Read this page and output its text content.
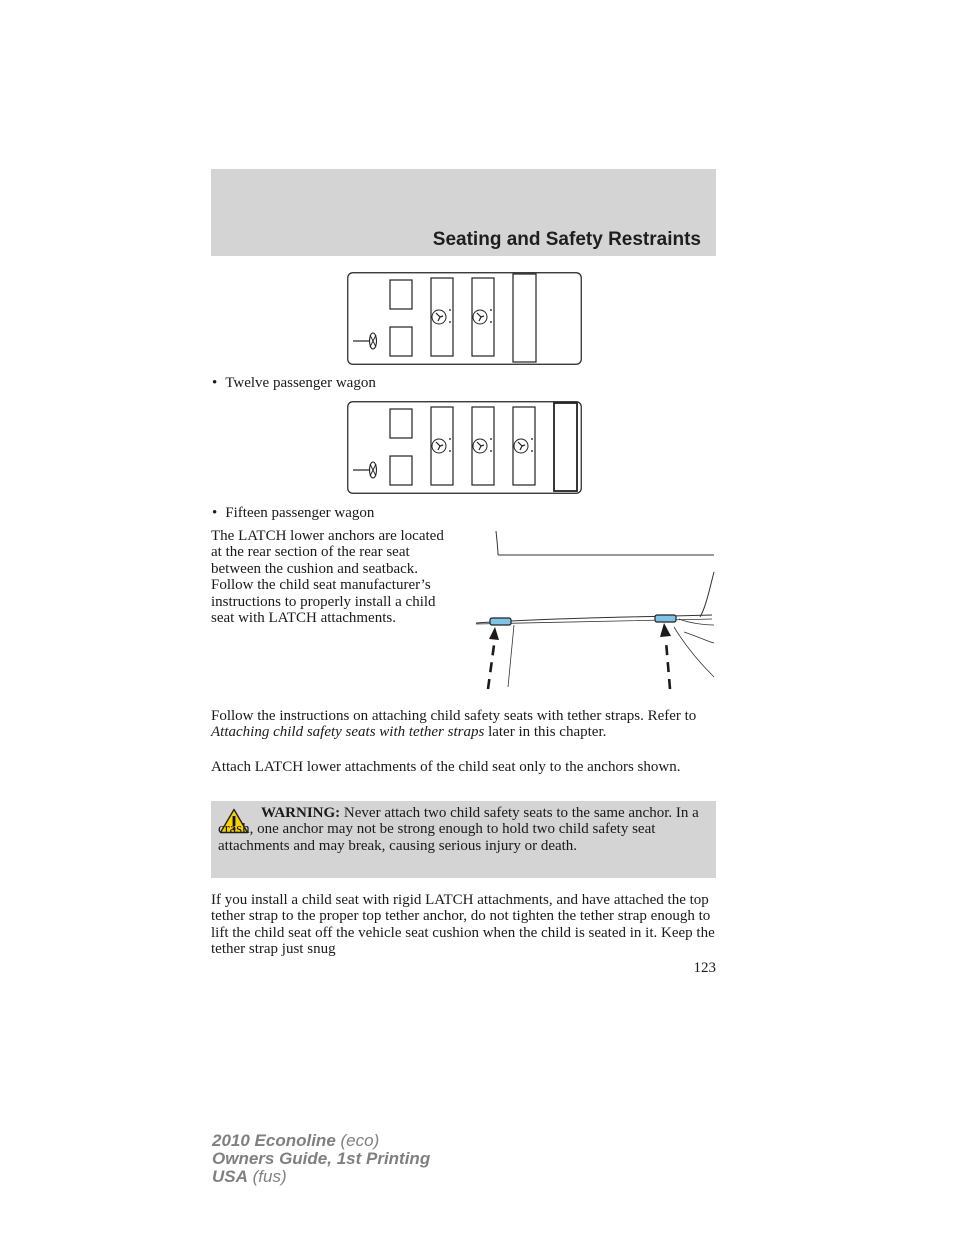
Seating and Safety Restraints
• Twelve passenger wagon
• Fifteen passenger wagon

The LATCH lower anchors are located at the rear section of the rear seat between the cushion and seatback. Follow the child seat manufacturer’s instructions to properly install a child seat with LATCH attachments.

Follow the instructions on attaching child safety seats with tether straps. Refer to Attaching child safety seats with tether straps later in this chapter.

Attach LATCH lower attachments of the child seat only to the anchors shown.

WARNING: Never attach two child safety seats to the same anchor. In a crash, one anchor may not be strong enough to hold two child safety seat attachments and may break, causing serious injury or death.

If you install a child seat with rigid LATCH attachments, and have attached the top tether strap to the proper top tether anchor, do not tighten the tether strap enough to lift the child seat off the vehicle seat cushion when the child is seated in it. Keep the tether strap just snug

123
2010 Econoline (eco)
Owners Guide, 1st Printing
USA (fus)
